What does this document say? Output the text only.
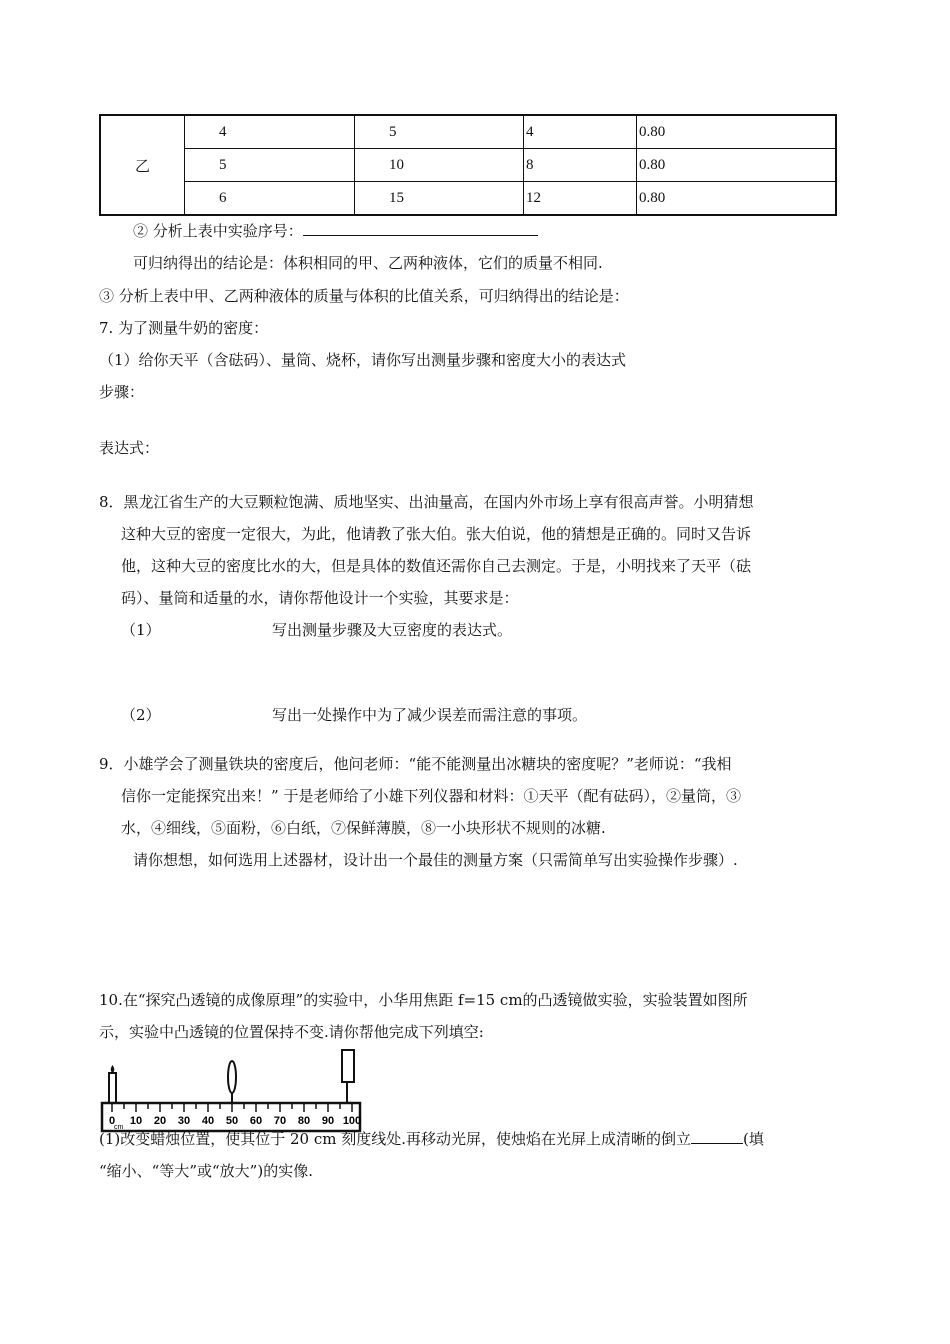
乙	4	5	4	0.80
	5	10	8	0.80
	6	15	12	0.80
② 分析上表中实验序号：
可归纳得出的结论是：体积相同的甲、乙两种液体，它们的质量不相同.
③ 分析上表中甲、乙两种液体的质量与体积的比值关系，可归纳得出的结论是：
7. 为了测量牛奶的密度：
（1）给你天平（含砝码）、量筒、烧杯，请你写出测量步骤和密度大小的表达式
步骤：
表达式：
8．黑龙江省生产的大豆颗粒饱满、质地坚实、出油量高，在国内外市场上享有很高声誉。小明猜想
这种大豆的密度一定很大，为此，他请教了张大伯。张大伯说，他的猜想是正确的。同时又告诉
他，这种大豆的密度比水的大，但是具体的数值还需你自己去测定。于是，小明找来了天平（砝
码）、量筒和适量的水，请你帮他设计一个实验，其要求是：
（1）	写出测量步骤及大豆密度的表达式。
（2）	写出一处操作中为了减少误差而需注意的事项。
9．小雄学会了测量铁块的密度后，他问老师：“能不能测量出冰糖块的密度呢？”老师说：“我相
信你一定能探究出来！” 于是老师给了小雄下列仪器和材料：①天平（配有砝码），②量筒，③
水，④细线，⑤面粉，⑥白纸，⑦保鲜薄膜，⑧一小块形状不规则的冰糖.
请你想想，如何选用上述器材，设计出一个最佳的测量方案（只需简单写出实验操作步骤）.
10.在“探究凸透镜的成像原理”的实验中，小华用焦距 f=15 cm的凸透镜做实验，实验装置如图所
示，实验中凸透镜的位置保持不变.请你帮他完成下列填空:
0 10 20 30 40 50 60 70 80 90 100
cm
(1)改变蜡烛位置，使其位于 20 cm 刻度线处.再移动光屏，使烛焰在光屏上成清晰的倒立	(填
“缩小、“等大”或“放大”)的实像.
